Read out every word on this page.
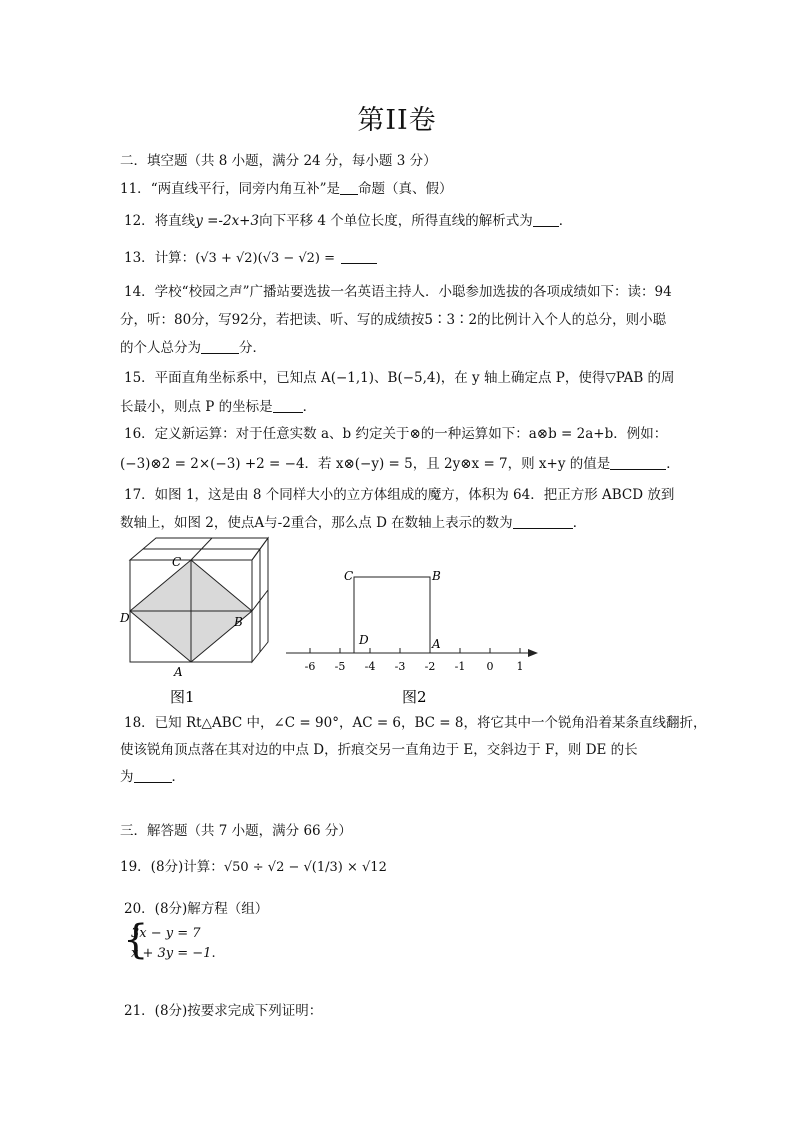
第II卷
二．填空题（共 8 小题，满分 24 分，每小题 3 分）
11．“两直线平行，同旁内角互补”是 命题（真、假）
12．将直线y =-2x+3向下平移 4 个单位长度，所得直线的解析式为 ．
13．计算：(√3 + √2)(√3 − √2) =
14．学校“校园之声”广播站要选拔一名英语主持人．小聪参加选拔的各项成绩如下：读：94
分，听：80分，写92分，若把读、听、写的成绩按5∶3∶2的比例计入个人的总分，则小聪
的个人总分为	分．
15．平面直角坐标系中，已知点 A(−1,1)、B(−5,4)，在 y 轴上确定点 P，使得▽PAB 的周
长最小，则点 P 的坐标是 ．
16．定义新运算：对于任意实数 a、b 约定关于⊗的一种运算如下：a⊗b = 2a+b．例如：
(−3)⊗2 = 2×(−3) +2 = −4．若 x⊗(−y) = 5，且 2y⊗x = 7，则 x+y 的值是	．
17．如图 1，这是由 8 个同样大小的立方体组成的魔方，体积为 64．把正方形 ABCD 放到
数轴上，如图 2，使点A与-2重合，那么点 D 在数轴上表示的数为	．
C
B
D
A
图1
-6 -5 -4 -3 -2 -1 0 1
C	B
D	A
图2
18．已知 Rt△ABC 中，∠C = 90°，AC = 6，BC = 8，将它其中一个锐角沿着某条直线翻折，
使该锐角顶点落在其对边的中点 D，折痕交另一直角边于 E，交斜边于 F，则 DE 的长
为	．
三．解答题（共 7 小题，满分 66 分）
19．(8分)计算：√50 ÷ √2 − √(1/3) × √12
20．(8分)解方程（组）
{
3x − y = 7
x + 3y = −1.
21．(8分)按要求完成下列证明：
